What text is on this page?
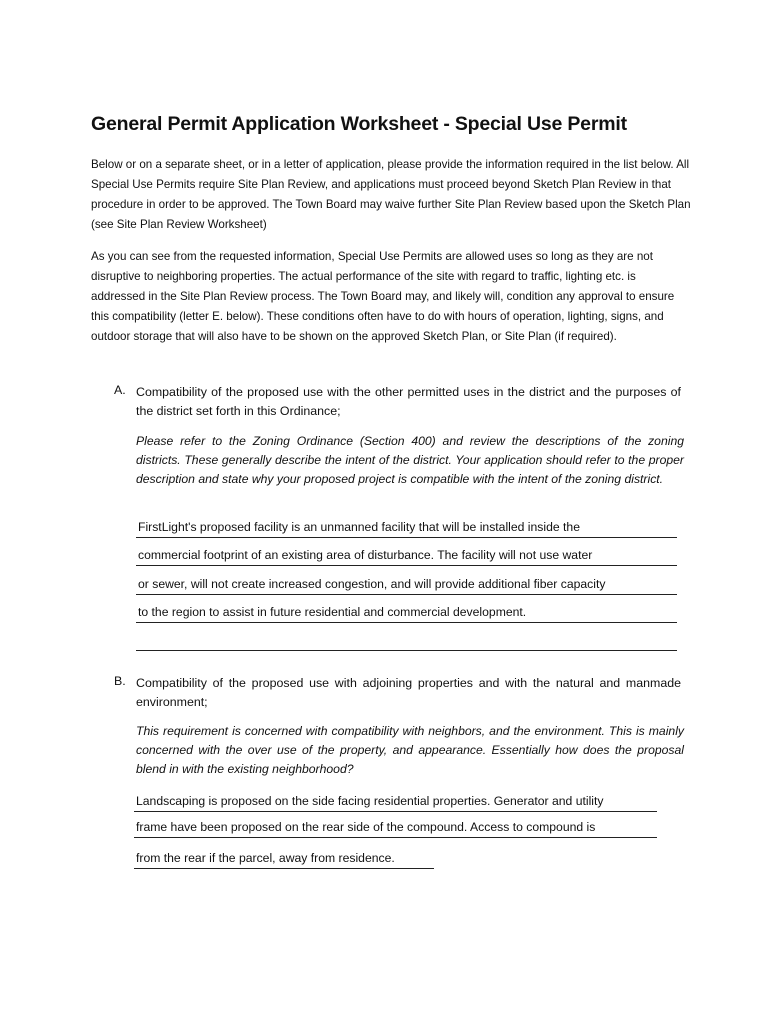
General Permit Application Worksheet - Special Use Permit
Below or on a separate sheet, or in a letter of application, please provide the information required in the list below. All Special Use Permits require Site Plan Review, and applications must proceed beyond Sketch Plan Review in that procedure in order to be approved. The Town Board may waive further Site Plan Review based upon the Sketch Plan (see Site Plan Review Worksheet)
As you can see from the requested information, Special Use Permits are allowed uses so long as they are not disruptive to neighboring properties. The actual performance of the site with regard to traffic, lighting etc. is addressed in the Site Plan Review process. The Town Board may, and likely will, condition any approval to ensure this compatibility (letter E. below). These conditions often have to do with hours of operation, lighting, signs, and outdoor storage that will also have to be shown on the approved Sketch Plan, or Site Plan (if required).
A. Compatibility of the proposed use with the other permitted uses in the district and the purposes of the district set forth in this Ordinance;
Please refer to the Zoning Ordinance (Section 400) and review the descriptions of the zoning districts. These generally describe the intent of the district. Your application should refer to the proper description and state why your proposed project is compatible with the intent of the zoning district.
FirstLight's proposed facility is an unmanned facility that will be installed inside the
commercial footprint of an existing area of disturbance. The facility will not use water
or sewer, will not create increased congestion, and will provide additional fiber capacity
to the region to assist in future residential and commercial development.
B. Compatibility of the proposed use with adjoining properties and with the natural and manmade environment;
This requirement is concerned with compatibility with neighbors, and the environment. This is mainly concerned with the over use of the property, and appearance. Essentially how does the proposal blend in with the existing neighborhood?
Landscaping is proposed on the side facing residential properties. Generator and utility
frame have been proposed on the rear side of the compound. Access to compound is
from the rear if the parcel, away from residence.
